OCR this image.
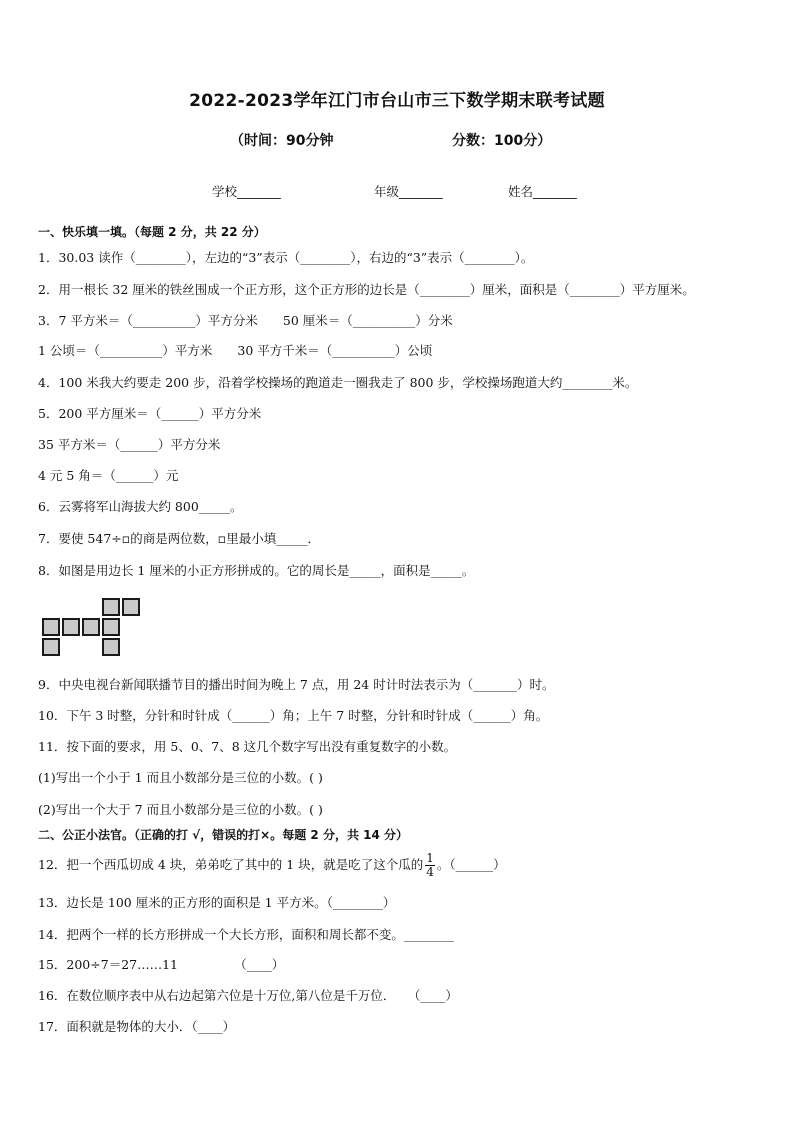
2022-2023学年江门市台山市三下数学期末联考试题
（时间：90分钟	分数：100分）
学校_______	年级_______	姓名_______
一、快乐填一填。（每题 2 分，共 22 分）
1．30.03 读作（________），左边的“3”表示（________），右边的“3”表示（________）。
2．用一根长 32 厘米的铁丝围成一个正方形，这个正方形的边长是（________）厘米，面积是（________）平方厘米。
3．7 平方米＝（__________）平方分米　　50 厘米＝（__________）分米
1 公顷＝（__________）平方米　　30 平方千米＝（__________）公顷
4．100 米我大约要走 200 步，沿着学校操场的跑道走一圈我走了 800 步，学校操场跑道大约________米。
5．200 平方厘米＝（______）平方分米
35 平方米＝（______）平方分米
4 元 5 角＝（______）元
6．云雾将军山海拔大约 800_____。
7．要使 547÷▫的商是两位数，▫里最小填_____．
8．如图是用边长 1 厘米的小正方形拼成的。它的周长是_____，面积是_____。
9．中央电视台新闻联播节目的播出时间为晚上 7 点，用 24 时计时法表示为（_______）时。
10．下午 3 时整，分针和时针成（______）角；上午 7 时整，分针和时针成（______）角。
11．按下面的要求，用 5、0、7、8 这几个数字写出没有重复数字的小数。
(1)写出一个小于 1 而且小数部分是三位的小数。( )
(2)写出一个大于 7 而且小数部分是三位的小数。( )
二、公正小法官。（正确的打 √，错误的打×。每题 2 分，共 14 分）
12．把一个西瓜切成 4 块，弟弟吃了其中的 1 块，就是吃了这个瓜的 $\frac{1}{4}$ 。（______）
13．边长是 100 厘米的正方形的面积是 1 平方米。（________）
14．把两个一样的长方形拼成一个大长方形，面积和周长都不变。________
15．200÷7＝27……11　　　　　（____）
16．在数位顺序表中从右边起第六位是十万位,第八位是千万位．　　（____）
17．面积就是物体的大小．（____）
